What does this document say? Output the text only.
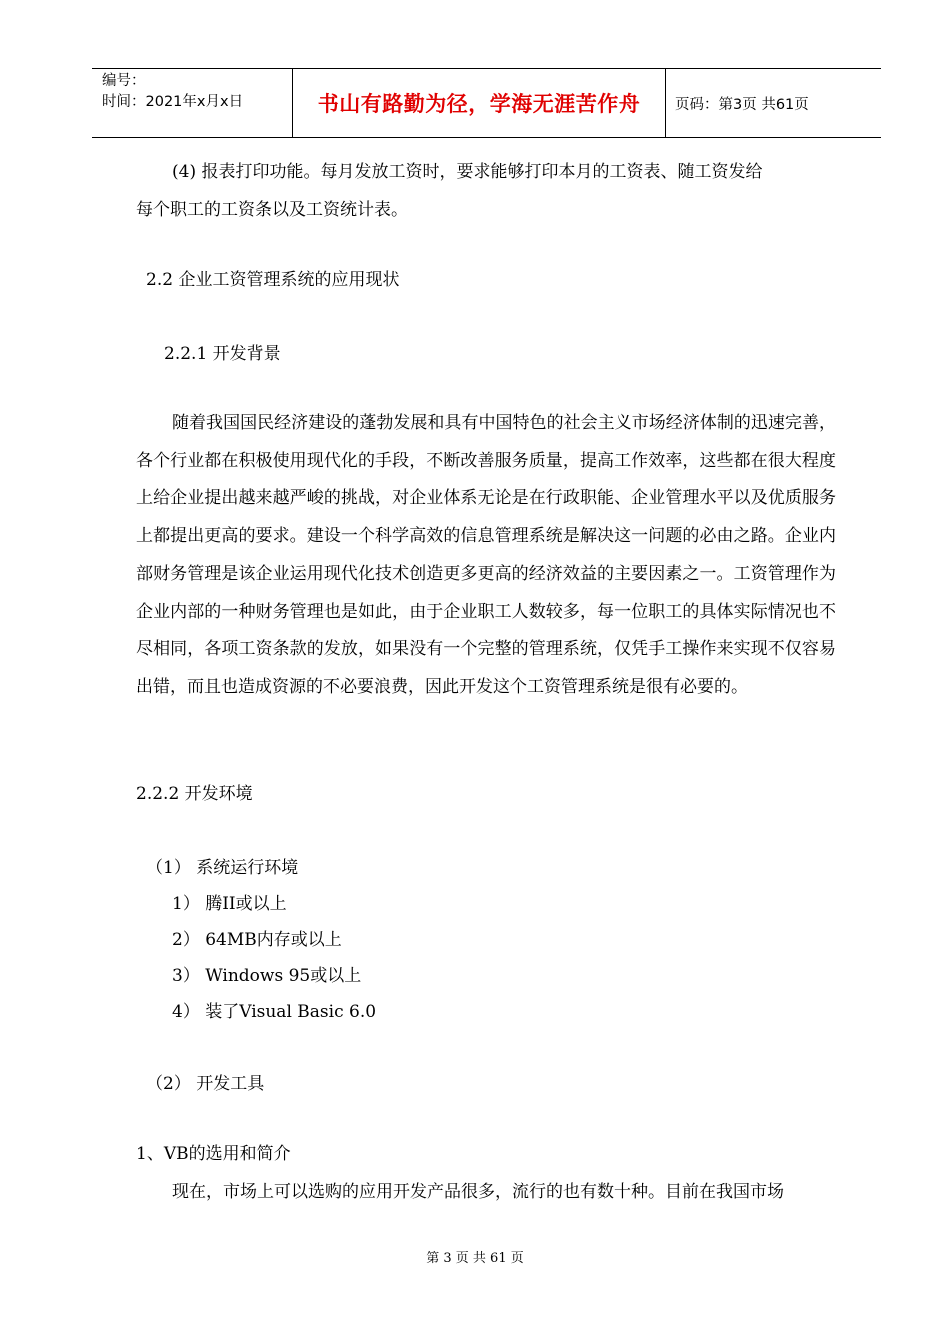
编号：
时间：2021年x月x日	书山有路勤为径，学海无涯苦作舟 页码：第3页 共61页
(4) 报表打印功能。每月发放工资时，要求能够打印本月的工资表、随工资发给
每个职工的工资条以及工资统计表。
2.2 企业工资管理系统的应用现状
2.2.1 开发背景
随着我国国民经济建设的蓬勃发展和具有中国特色的社会主义市场经济体制的迅速完善，各个行业都在积极使用现代化的手段，不断改善服务质量，提高工作效率，这些都在很大程度上给企业提出越来越严峻的挑战，对企业体系无论是在行政职能、企业管理水平以及优质服务上都提出更高的要求。建设一个科学高效的信息管理系统是解决这一问题的必由之路。企业内部财务管理是该企业运用现代化技术创造更多更高的经济效益的主要因素之一。工资管理作为企业内部的一种财务管理也是如此，由于企业职工人数较多，每一位职工的具体实际情况也不尽相同，各项工资条款的发放，如果没有一个完整的管理系统，仅凭手工操作来实现不仅容易出错，而且也造成资源的不必要浪费，因此开发这个工资管理系统是很有必要的。
2.2.2 开发环境
（1） 系统运行环境
1） 腾II或以上
2） 64MB内存或以上
3） Windows 95或以上
4） 装了Visual Basic 6.0
（2） 开发工具
1、VB的选用和简介
现在，市场上可以选购的应用开发产品很多，流行的也有数十种。目前在我国市场
第 3 页 共 61 页
